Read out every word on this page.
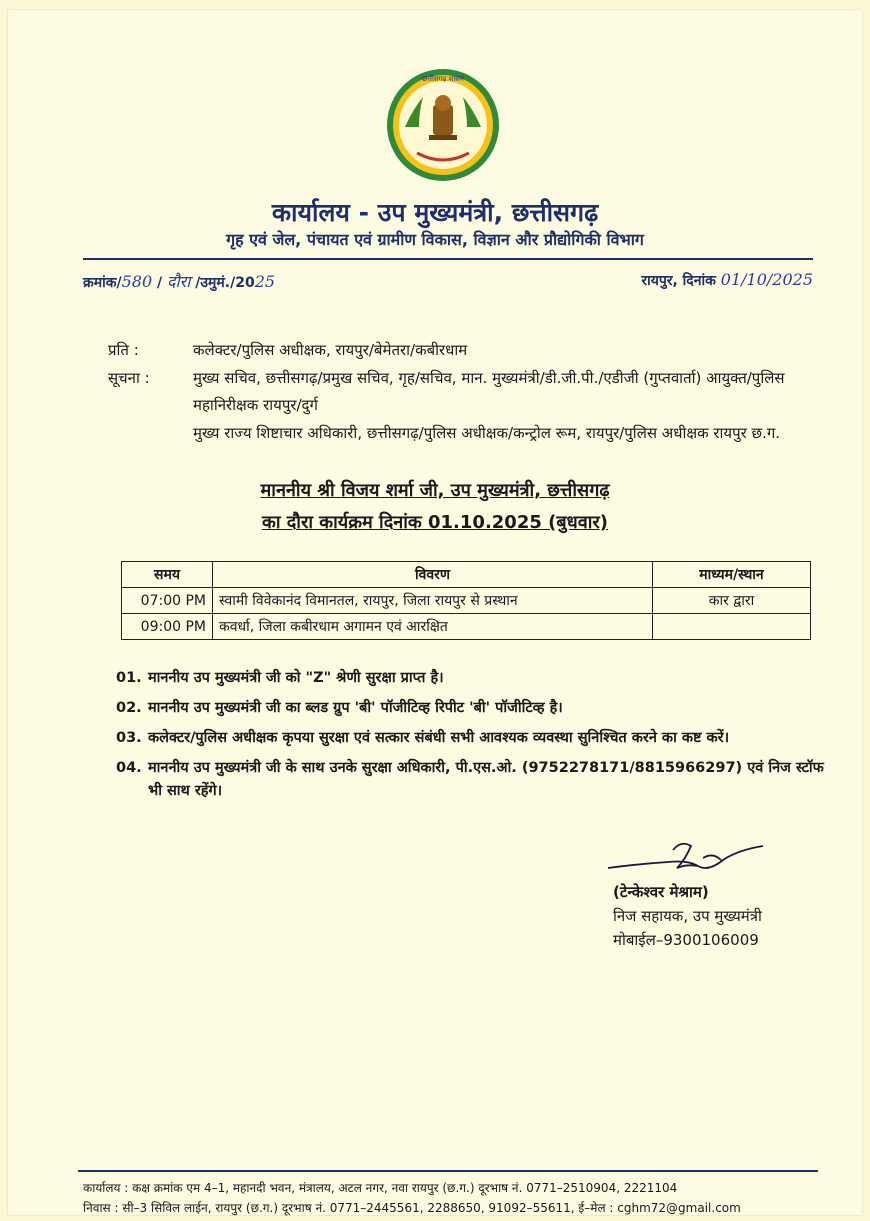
छत्तीसगढ़ शासन
कार्यालय - उप मुख्यमंत्री, छत्तीसगढ़
गृह एवं जेल, पंचायत एवं ग्रामीण विकास, विज्ञान और प्रौद्योगिकी विभाग
क्रमांक/580 / दौरा /उमुमं./2025	रायपुर, दिनांक 01/10/2025
प्रति :	कलेक्टर/पुलिस अधीक्षक, रायपुर/बेमेतरा/कबीरधाम
सूचना :	मुख्य सचिव, छत्तीसगढ़/प्रमुख सचिव, गृह/सचिव, मान. मुख्यमंत्री/डी.जी.पी./एडीजी (गुप्तवार्ता) आयुक्त/पुलिस महानिरीक्षक रायपुर/दुर्ग
मुख्य राज्य शिष्टाचार अधिकारी, छत्तीसगढ़/पुलिस अधीक्षक/कन्ट्रोल रूम, रायपुर/पुलिस अधीक्षक रायपुर छ.ग.
माननीय श्री विजय शर्मा जी, उप मुख्यमंत्री, छत्तीसगढ़
का दौरा कार्यक्रम दिनांक 01.10.2025 (बुधवार)
समय	विवरण	माध्यम/स्थान
07:00 PM	स्वामी विवेकानंद विमानतल, रायपुर, जिला रायपुर से प्रस्थान	कार द्वारा
09:00 PM	कवर्धा, जिला कबीरधाम अगामन एवं आरक्षित	
01. माननीय उप मुख्यमंत्री जी को "Z" श्रेणी सुरक्षा प्राप्त है।
02. माननीय उप मुख्यमंत्री जी का ब्लड ग्रुप 'बी' पॉजीटिव्ह रिपीट 'बी' पॉजीटिव्ह है।
03. कलेक्टर/पुलिस अधीक्षक कृपया सुरक्षा एवं सत्कार संबंधी सभी आवश्यक व्यवस्था सुनिश्चित करने का कष्ट करें।
04. माननीय उप मुख्यमंत्री जी के साथ उनके सुरक्षा अधिकारी, पी.एस.ओ. (9752278171/8815966297) एवं निज स्टॉफ भी साथ रहेंगे।
(टेन्केश्वर मेश्राम)
निज सहायक, उप मुख्यमंत्री
मोबाईल–9300106009
कार्यालय : कक्ष क्रमांक एम 4–1, महानदी भवन, मंत्रालय, अटल नगर, नवा रायपुर (छ.ग.) दूरभाष नं. 0771–2510904, 2221104
निवास : सी–3 सिविल लाईन, रायपुर (छ.ग.) दूरभाष नं. 0771–2445561, 2288650, 91092–55611, ई–मेल : cghm72@gmail.com
